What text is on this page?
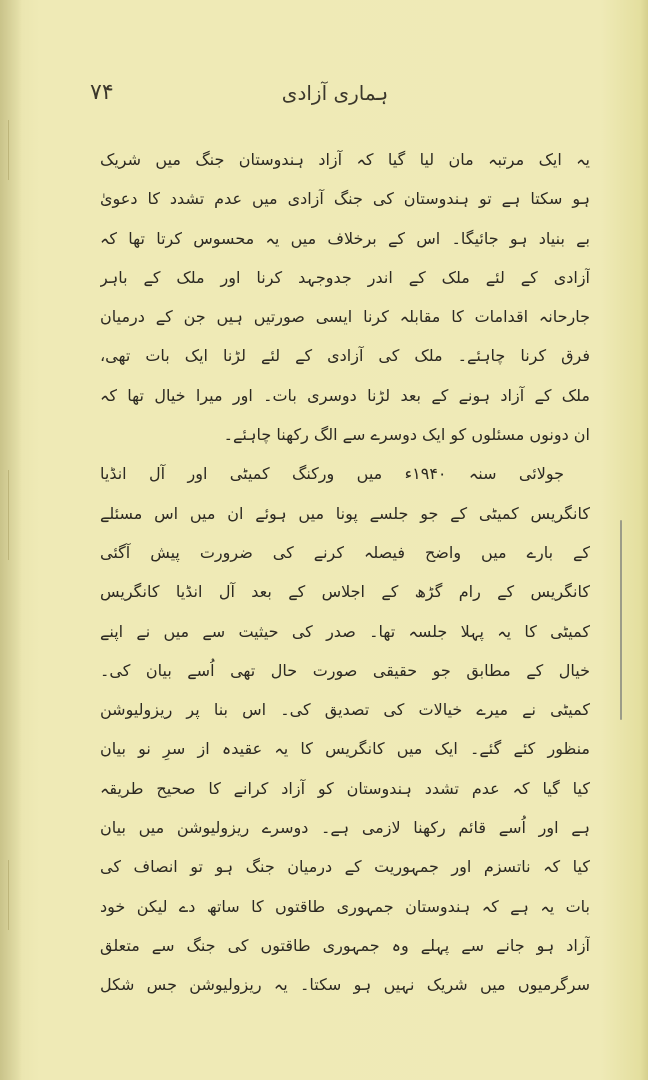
۷۴	ہماری آزادی
یہ ایک مرتبہ مان لیا گیا کہ آزاد ہندوستان جنگ میں شریک
ہو سکتا ہے تو ہندوستان کی جنگ آزادی میں عدم تشدد کا دعویٰ
بے بنیاد ہو جائیگا۔ اس کے برخلاف میں یہ محسوس کرتا تھا کہ
آزادی کے لئے ملک کے اندر جدوجہد کرنا اور ملک کے باہر
جارحانہ اقدامات کا مقابلہ کرنا ایسی صورتیں ہیں جن کے درمیان
فرق کرنا چاہئے۔ ملک کی آزادی کے لئے لڑنا ایک بات تھی،
ملک کے آزاد ہونے کے بعد لڑنا دوسری بات۔ اور میرا خیال تھا کہ
ان دونوں مسئلوں کو ایک دوسرے سے الگ رکھنا چاہئے۔
جولائی سنہ ۱۹۴۰ء میں ورکنگ کمیٹی اور آل انڈیا
کانگریس کمیٹی کے جو جلسے پونا میں ہوئے ان میں اس مسئلے
کے بارے میں واضح فیصلہ کرنے کی ضرورت پیش آگئی
کانگریس کے رام گڑھ کے اجلاس کے بعد آل انڈیا کانگریس
کمیٹی کا یہ پہلا جلسہ تھا۔ صدر کی حیثیت سے میں نے اپنے
خیال کے مطابق جو حقیقی صورت حال تھی اُسے بیان کی۔
کمیٹی نے میرے خیالات کی تصدیق کی۔ اس بنا پر ریزولیوشن
منظور کئے گئے۔ ایک میں کانگریس کا یہ عقیدہ از سرِ نو بیان
کیا گیا کہ عدم تشدد ہندوستان کو آزاد کرانے کا صحیح طریقہ
ہے اور اُسے قائم رکھنا لازمی ہے۔ دوسرے ریزولیوشن میں بیان
کیا کہ ناتسزم اور جمہوریت کے درمیان جنگ ہو تو انصاف کی
بات یہ ہے کہ ہندوستان جمہوری طاقتوں کا ساتھ دے لیکن خود
آزاد ہو جانے سے پہلے وہ جمہوری طاقتوں کی جنگ سے متعلق
سرگرمیوں میں شریک نہیں ہو سکتا۔ یہ ریزولیوشن جس شکل
